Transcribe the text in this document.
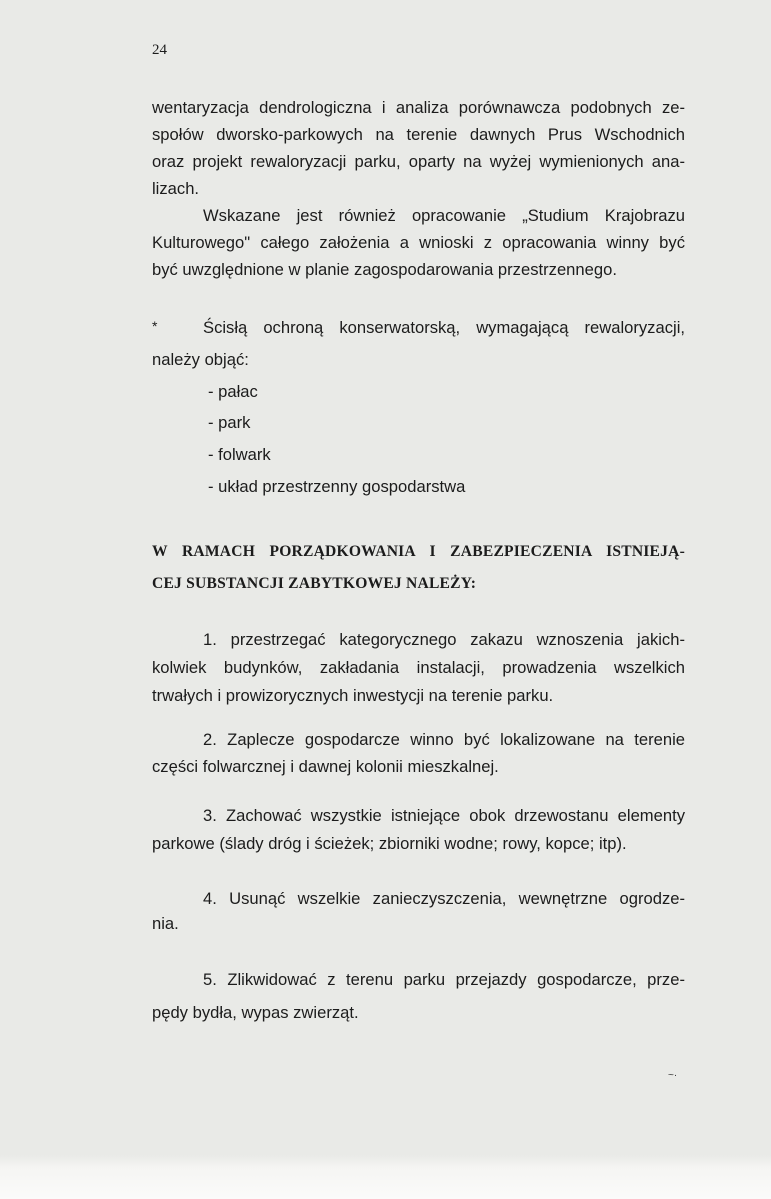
24
wentaryzacja dendrologiczna i analiza porównawcza podobnych ze-
społów dworsko-parkowych na terenie dawnych Prus Wschodnich
oraz projekt rewaloryzacji parku, oparty na wyżej wymienionych ana-
lizach.
Wskazane jest również opracowanie „Studium Krajobrazu
Kulturowego" całego założenia a wnioski z opracowania winny być
być uwzględnione w planie zagospodarowania przestrzennego.
*	Ścisłą ochroną konserwatorską, wymagającą rewaloryzacji,
należy objąć:
- pałac
- park
- folwark
- układ przestrzenny gospodarstwa
W RAMACH PORZĄDKOWANIA I ZABEZPIECZENIA ISTNIEJĄ-
CEJ SUBSTANCJI ZABYTKOWEJ NALEŻY:
1. przestrzegać kategorycznego zakazu wznoszenia jakich-
kolwiek budynków, zakładania instalacji, prowadzenia wszelkich
trwałych i prowizorycznych inwestycji na terenie parku.
2. Zaplecze gospodarcze winno być lokalizowane na terenie
części folwarcznej i dawnej kolonii mieszkalnej.
3. Zachować wszystkie istniejące obok drzewostanu elementy
parkowe (ślady dróg i ścieżek; zbiorniki wodne; rowy, kopce; itp).
4. Usunąć wszelkie zanieczyszczenia, wewnętrzne ogrodze-
nia.
5. Zlikwidować z terenu parku przejazdy gospodarcze, prze-
pędy bydła, wypas zwierząt.
~·
